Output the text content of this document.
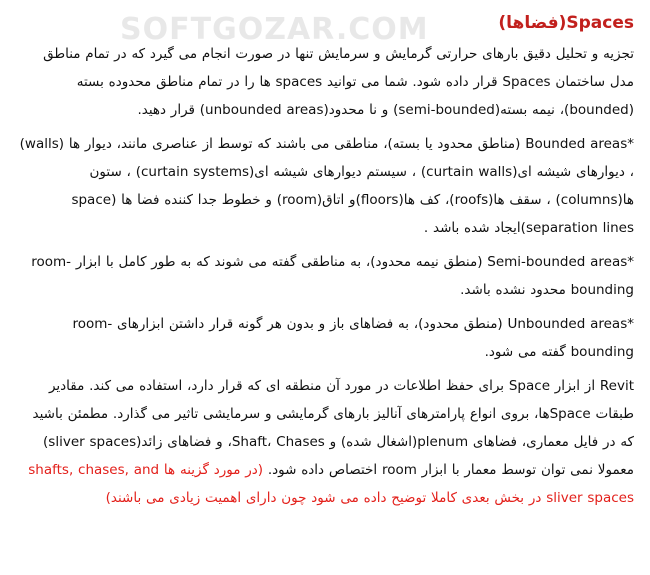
SOFTGOZAR.COM	Spaces(فضاها)

تجزیه و تحلیل دقیق بارهای حرارتی گرمایش و سرمایش تنها در صورت انجام می گیرد که در تمام مناطق مدل ساختمان Spaces قرار داده شود. شما می توانید spaces ها را در تمام مناطق محدوده بسته (bounded)، نیمه بسته(semi-bounded) و نا محدود(unbounded areas) قرار دهید.

*Bounded areas (مناطق محدود یا بسته)، مناطقی می باشند که توسط از عناصری مانند، دیوار ها (walls) ، دیوارهای شیشه ای(curtain walls) ، سیستم دیوارهای شیشه ای(curtain systems) ، ستون ها(columns) ، سقف ها(roofs)، کف ها(floors)و اتاق(room) و خطوط جدا کننده فضا ها (space separation lines)ایجاد شده باشد .

*Semi-bounded areas (منطق نیمه محدود)، به مناطقی گفته می شوند که به طور کامل با ابزار room-bounding محدود نشده باشد.

*Unbounded areas (منطق محدود)، به فضاهای باز و بدون هر گونه قرار داشتن ابزارهای room-bounding گفته می شود.

Revit از ابزار Space برای حفظ اطلاعات در مورد آن منطقه ای که قرار دارد، استفاده می کند. مقادیر طبقات Spaceها، بروی انواع پارامترهای آنالیز بارهای گرمایشی و سرمایشی تاثیر می گذارد. مطمئن باشید که در فایل معماری، فضاهای plenum(اشغال شده) و Shaft، Chases، و فضاهای زائد(sliver spaces) معمولا نمی توان توسط معمار با ابزار room اختصاص داده شود. (در مورد گزینه ها shafts, chases, and sliver spaces در بخش بعدی کاملا توضیح داده می شود چون دارای اهمیت زیادی می باشند)
